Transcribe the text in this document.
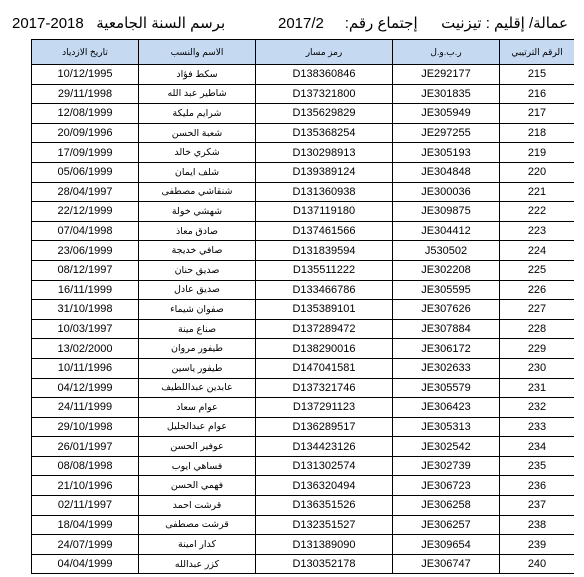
برسم السنة الجامعية   2018-2017	إجتماع رقم:     2017/2	عمالة/ إقليم : تيزنيت
الرقم الترتيبي	ر.ب.و.ل	رمز مسار	الاسم والنسب	تاريخ الازدياد
215	JE292177	D138360846	سكط فؤاد	10/12/1995
216	JE301835	D137321800	شاطير عبد الله	29/11/1998
217	JE305949	D135629829	شرايم مليكة	12/08/1999
218	JE297255	D135368254	شعبة الحسن	20/09/1996
219	JE305193	D130298913	شكري خالد	17/09/1999
220	JE304848	D139389124	شلف ايمان	05/06/1999
221	JE300036	D131360938	شنقاشي مصطفى	28/04/1997
222	JE309875	D137119180	شهشي خولة	22/12/1999
223	JE304412	D137461566	صادق معاذ	07/04/1998
224	J530502	D131839594	صافي خديجة	23/06/1999
225	JE302208	D135511222	صديق حنان	08/12/1997
226	JE305595	D133466786	صديق عادل	16/11/1999
227	JE307626	D135389101	صفوان شيماء	31/10/1998
228	JE307884	D137289472	صناع مينة	10/03/1997
229	JE306172	D138290016	طيفور مروان	13/02/2000
230	JE302633	D147041581	طيفور ياسين	10/11/1996
231	JE305579	D137321746	عابدين عبداللطيف	04/12/1999
232	JE306423	D137291123	عوام سعاد	24/11/1999
233	JE305313	D136289517	عوام عبدالجليل	29/10/1998
234	JE302542	D134423126	عوفير الحسن	26/01/1997
235	JE302739	D131302574	فساهي ايوب	08/08/1998
236	JE306723	D136320494	فهمي الحسن	21/10/1996
237	JE306258	D136351526	قرشت احمد	02/11/1997
238	JE306257	D132351527	قرشت مصطفى	18/04/1999
239	JE309654	D131389090	كدار امينة	24/07/1999
240	JE306747	D130352178	كزر عبدالله	04/04/1999
